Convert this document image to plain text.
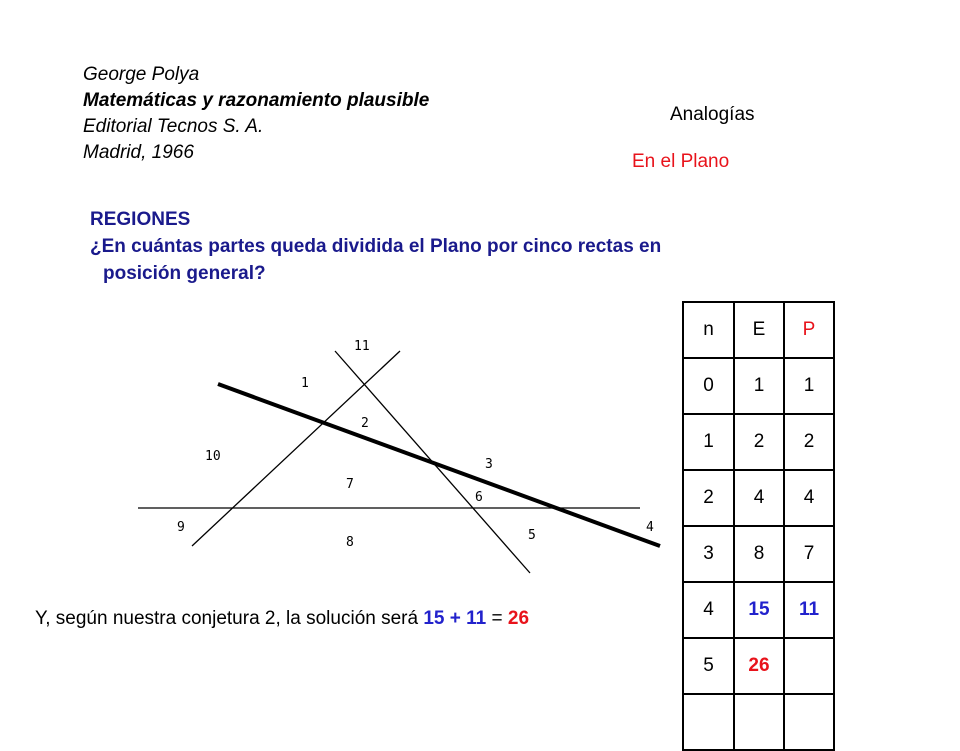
George Polya
Matemáticas y razonamiento plausible
Editorial Tecnos S. A.
Madrid, 1966
Analogías
En el Plano
REGIONES
¿En cuántas partes queda dividida el Plano por cinco rectas en
posición general?
1
2
3
4
5
6
7
8
9
10
11
n	E	P
0	1	1
1	2	2
2	4	4
3	8	7
4	15	11
5	26	

Y, según nuestra conjetura 2, la solución será 15 + 11 = 26
